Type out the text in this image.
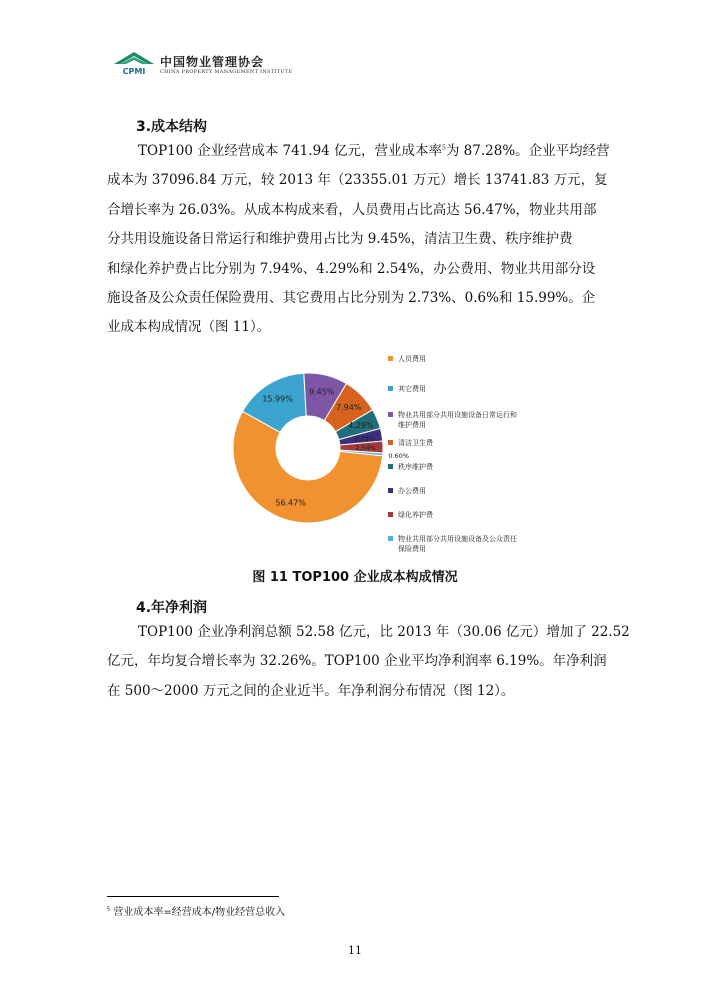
CPMI
中国物业管理协会
CHINA PROPERTY MANAGEMENT INSTITUTE
3.成本结构
TOP100 企业经营成本 741.94 亿元，营业成本率$^5$为 87.28%。企业平均经营
成本为 37096.84 万元，较 2013 年（23355.01 万元）增长 13741.83 万元，复
合增长率为 26.03%。从成本构成来看，人员费用占比高达 56.47%，物业共用部
分共用设施设备日常运行和维护费用占比为 9.45%，清洁卫生费、秩序维护费
和绿化养护费占比分别为 7.94%、4.29%和 2.54%，办公费用、物业共用部分设
施设备及公众责任保险费用、其它费用占比分别为 2.73%、0.6%和 15.99%。企
业成本构成情况（图 11）。
56.47%
15.99%
9.45%
7.94%
4.29%
2.73%
2.54%
0.60%
人员费用
其它费用
物业共用部分共用设施设备日常运行和维护费用
清洁卫生费
秩序维护费
办公费用
绿化养护费
物业共用部分共用设施设备及公众责任保险费用
图 11 TOP100 企业成本构成情况
4.年净利润
TOP100 企业净利润总额 52.58 亿元，比 2013 年（30.06 亿元）增加了 22.52
亿元，年均复合增长率为 32.26%。TOP100 企业平均净利润率 6.19%。年净利润
在 500～2000 万元之间的企业近半。年净利润分布情况（图 12）。
$^5$ 营业成本率=经营成本/物业经营总收入
11
